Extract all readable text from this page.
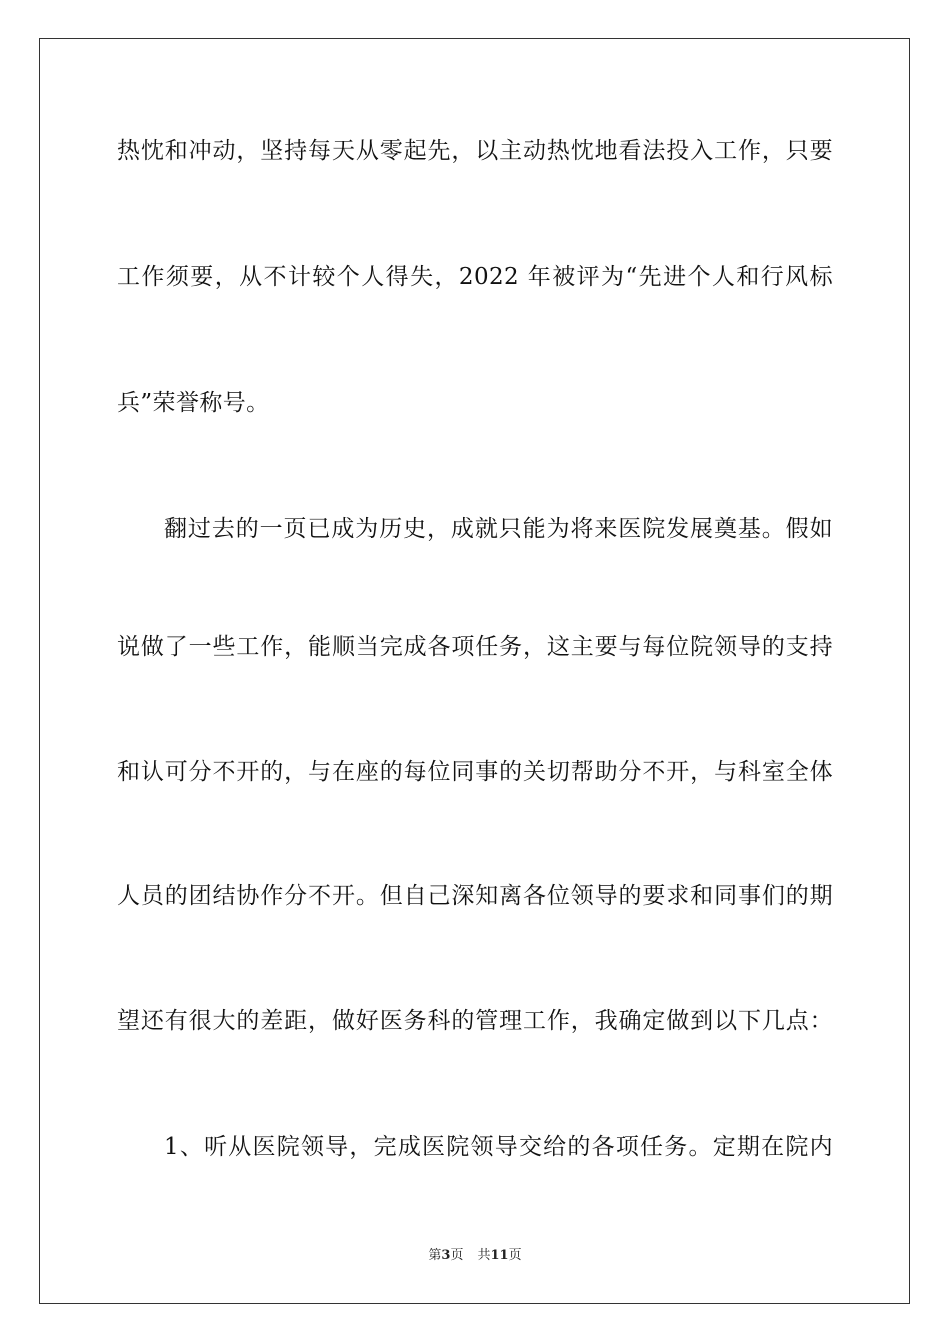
热忱和冲动，坚持每天从零起先，以主动热忱地看法投入工作，只要
工作须要，从不计较个人得失，2022 年被评为“先进个人和行风标
兵”荣誉称号。
翻过去的一页已成为历史，成就只能为将来医院发展奠基。假如
说做了一些工作，能顺当完成各项任务，这主要与每位院领导的支持
和认可分不开的，与在座的每位同事的关切帮助分不开，与科室全体
人员的团结协作分不开。但自己深知离各位领导的要求和同事们的期
望还有很大的差距，做好医务科的管理工作，我确定做到以下几点：
1、听从医院领导，完成医院领导交给的各项任务。定期在院内
第3页 共11页
